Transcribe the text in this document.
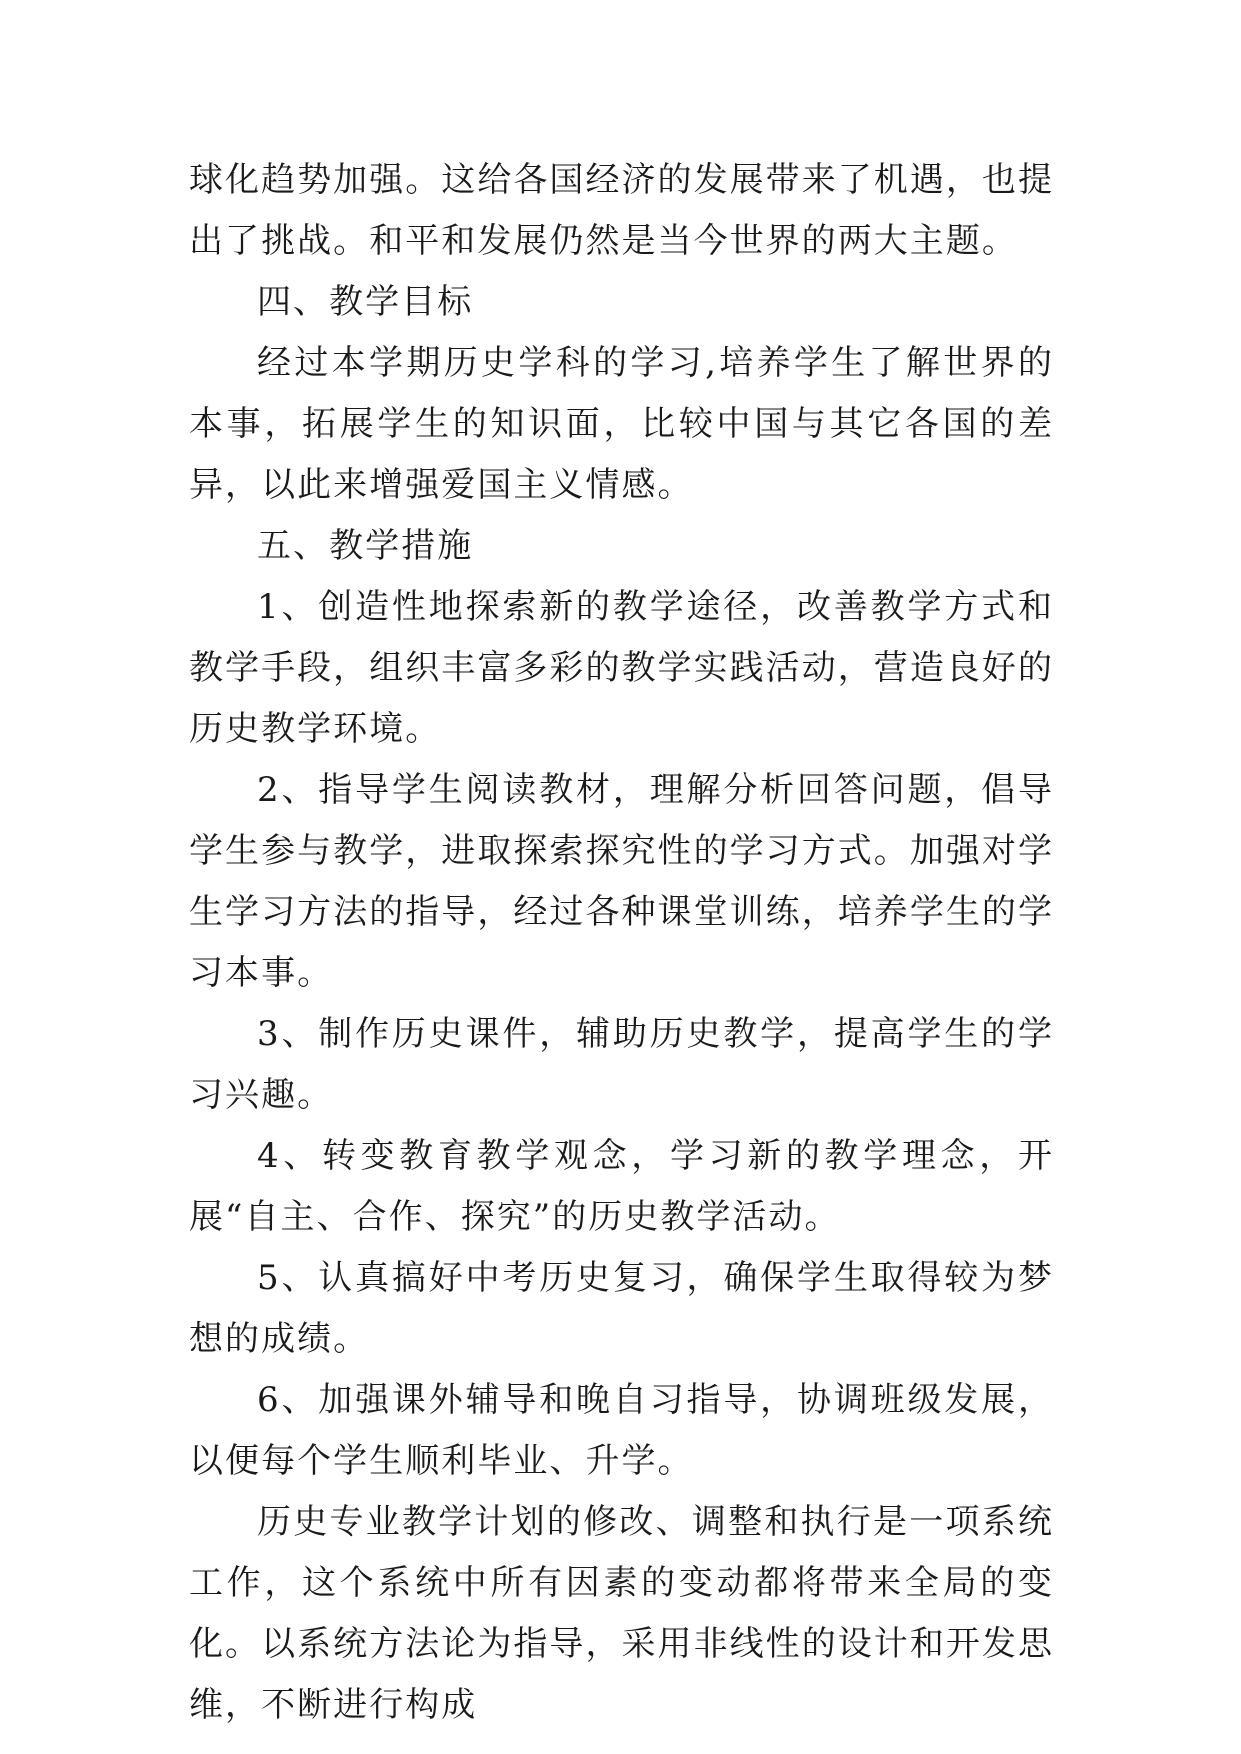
球化趋势加强。这给各国经济的发展带来了机遇，也提出了挑战。和平和发展仍然是当今世界的两大主题。

四、教学目标

经过本学期历史学科的学习,培养学生了解世界的本事，拓展学生的知识面，比较中国与其它各国的差异，以此来增强爱国主义情感。

五、教学措施

1、创造性地探索新的教学途径，改善教学方式和教学手段，组织丰富多彩的教学实践活动，营造良好的历史教学环境。

2、指导学生阅读教材，理解分析回答问题，倡导学生参与教学，进取探索探究性的学习方式。加强对学生学习方法的指导，经过各种课堂训练，培养学生的学习本事。

3、制作历史课件，辅助历史教学，提高学生的学习兴趣。

4、转变教育教学观念，学习新的教学理念，开展“自主、合作、探究”的历史教学活动。

5、认真搞好中考历史复习，确保学生取得较为梦想的成绩。

6、加强课外辅导和晚自习指导，协调班级发展，以便每个学生顺利毕业、升学。

历史专业教学计划的修改、调整和执行是一项系统工作，这个系统中所有因素的变动都将带来全局的变化。以系统方法论为指导，采用非线性的设计和开发思维，不断进行构成
